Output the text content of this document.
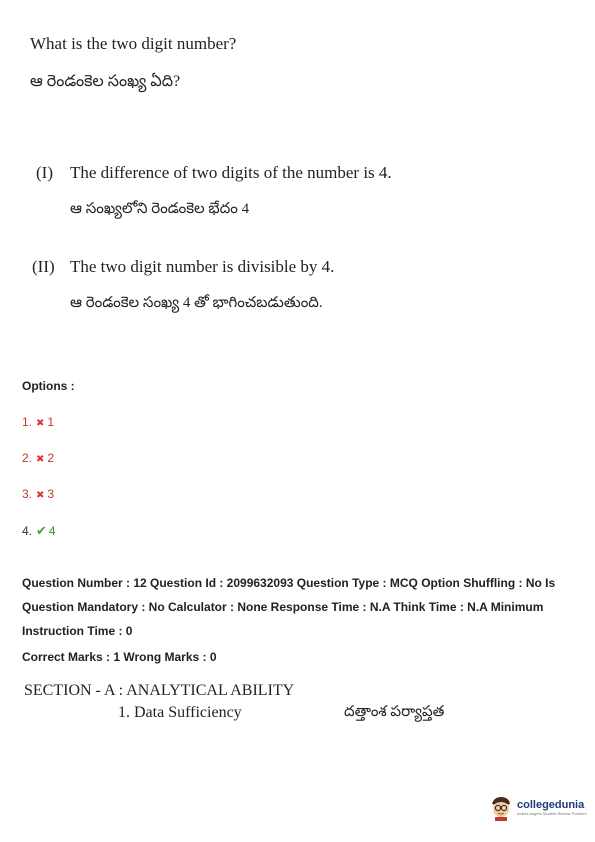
What is the two digit number?
ఆ రెండంకెల సంఖ్య ఏది?
(I) The difference of two digits of the number is 4.
ఆ సంఖ్యలోని రెండంకెల భేదం 4
(II) The two digit number is divisible by 4.
ఆ రెండంకెల సంఖ్య 4 తో భాగించబడుతుంది.
Options :
1. ✖ 1
2. ✖ 2
3. ✖ 3
4. ✔ 4
Question Number : 12 Question Id : 2099632093 Question Type : MCQ Option Shuffling : No Is
Question Mandatory : No Calculator : None Response Time : N.A Think Time : N.A Minimum
Instruction Time : 0
Correct Marks : 1 Wrong Marks : 0
SECTION - A : ANALYTICAL ABILITY
1. Data Sufficiency	దత్తాంశ పర్యాప్తత
collegedunia
India's largest Student Review Platform
